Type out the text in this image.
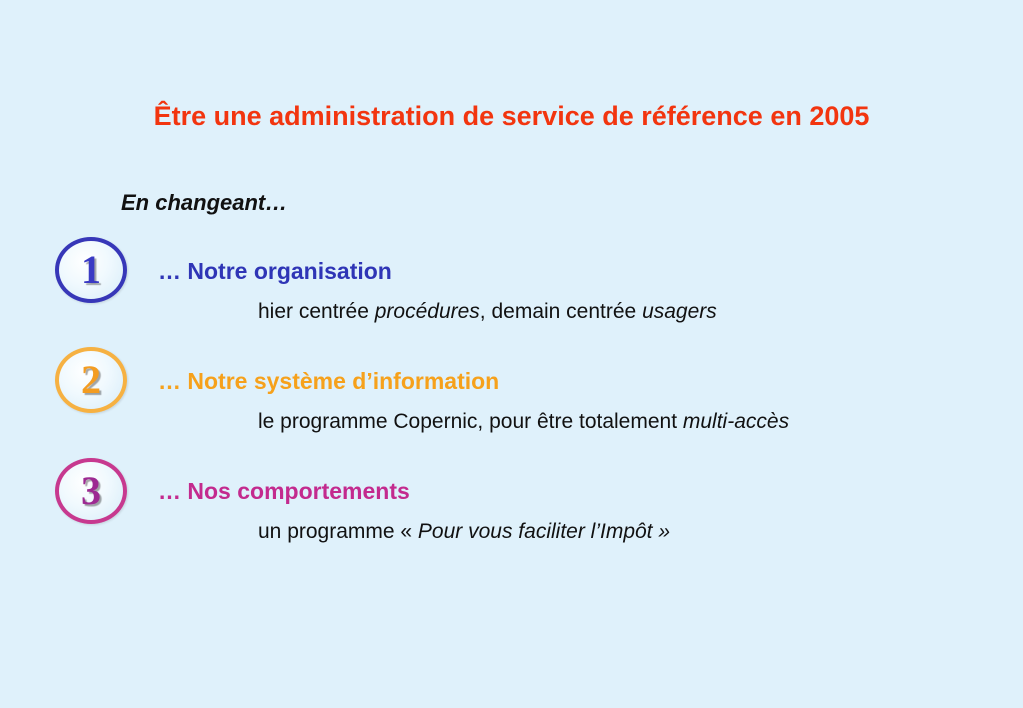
Être une administration de service de référence en 2005
En changeant…
1	… Notre organisation
hier centrée procédures, demain centrée usagers
2	… Notre système d’information
le programme Copernic, pour être totalement multi-accès
3	… Nos comportements
un programme « Pour vous faciliter l’Impôt »
